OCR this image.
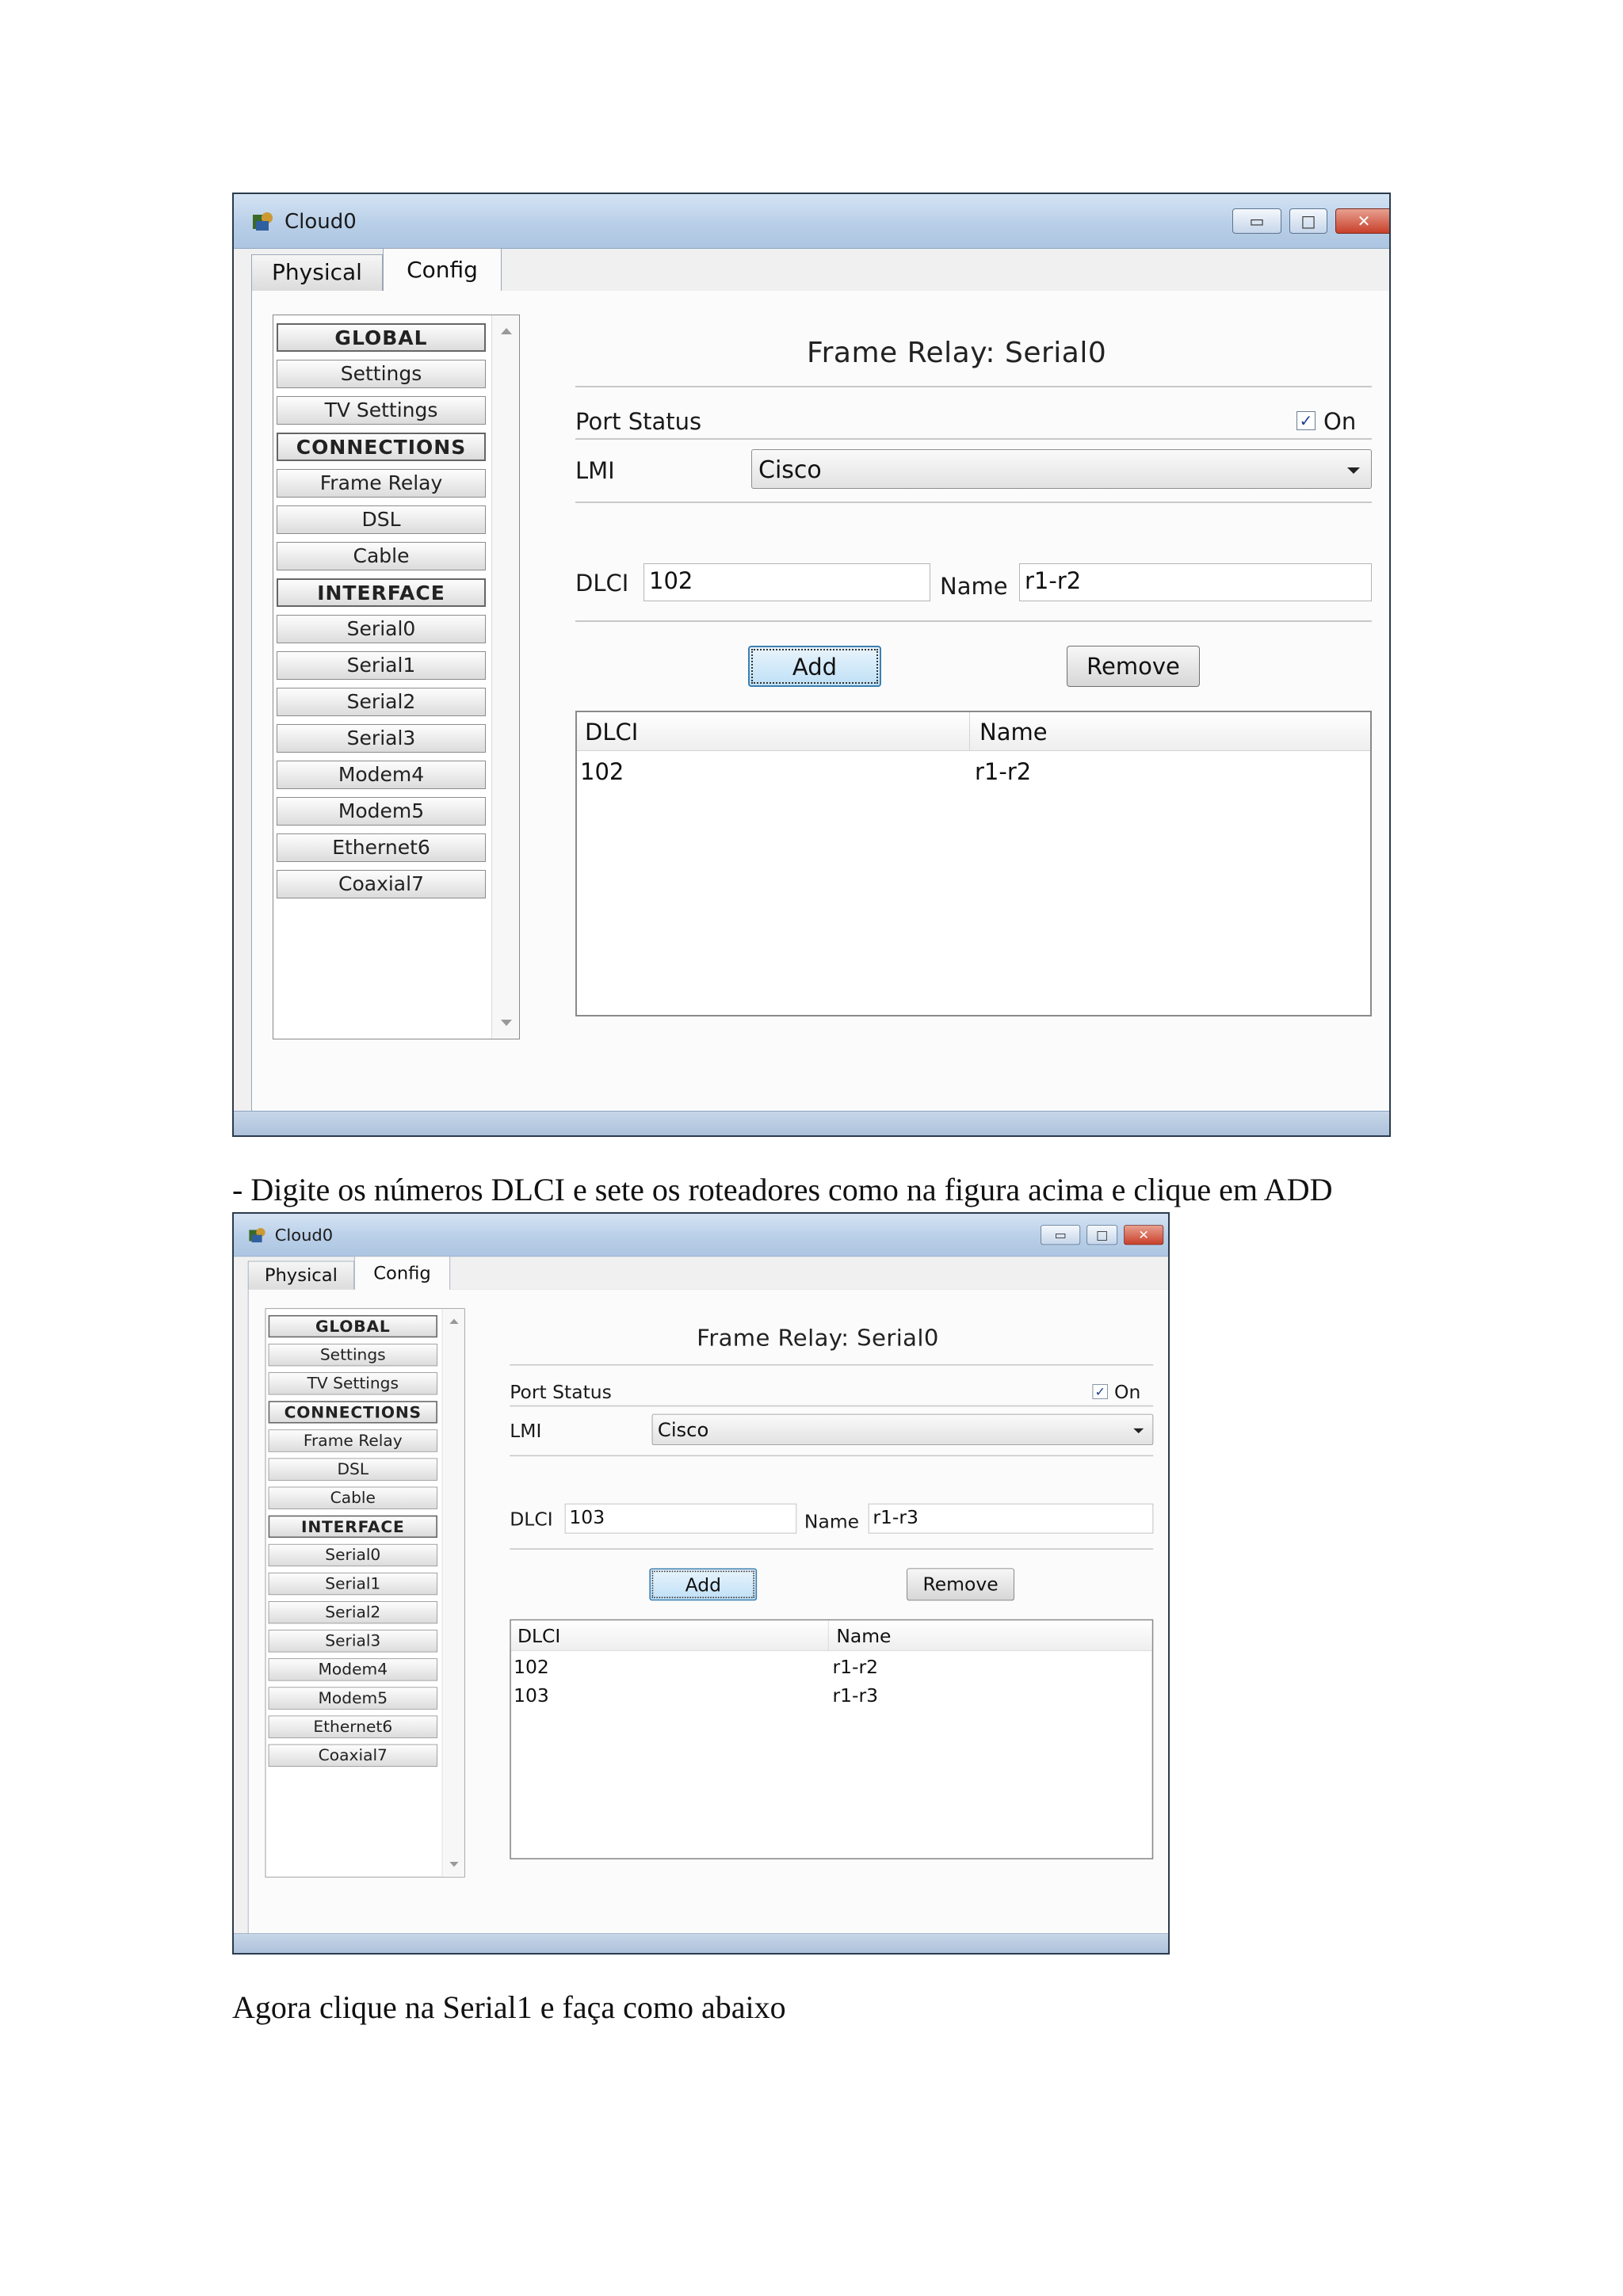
Cloud0	▭	□	✕
Physical	Config
GLOBAL
Settings
TV Settings
CONNECTIONS
Frame Relay
DSL
Cable
INTERFACE
Serial0
Serial1
Serial2
Serial3
Modem4
Modem5
Ethernet6
Coaxial7
Frame Relay: Serial0
Port Status	✓ On
LMI	Cisco
DLCI 102	Name r1-r2
Add	Remove
DLCI	Name
102	r1-r2
- Digite os números DLCI e sete os roteadores como na figura acima e clique em ADD
Cloud0	▭	□	✕
Physical	Config
GLOBAL
Settings
TV Settings
CONNECTIONS
Frame Relay
DSL
Cable
INTERFACE
Serial0
Serial1
Serial2
Serial3
Modem4
Modem5
Ethernet6
Coaxial7
Frame Relay: Serial0
Port Status	✓ On
LMI	Cisco
DLCI 103	Name r1-r3
Add	Remove
DLCI	Name
102	r1-r2
103	r1-r3
Agora clique na Serial1 e faça como abaixo
